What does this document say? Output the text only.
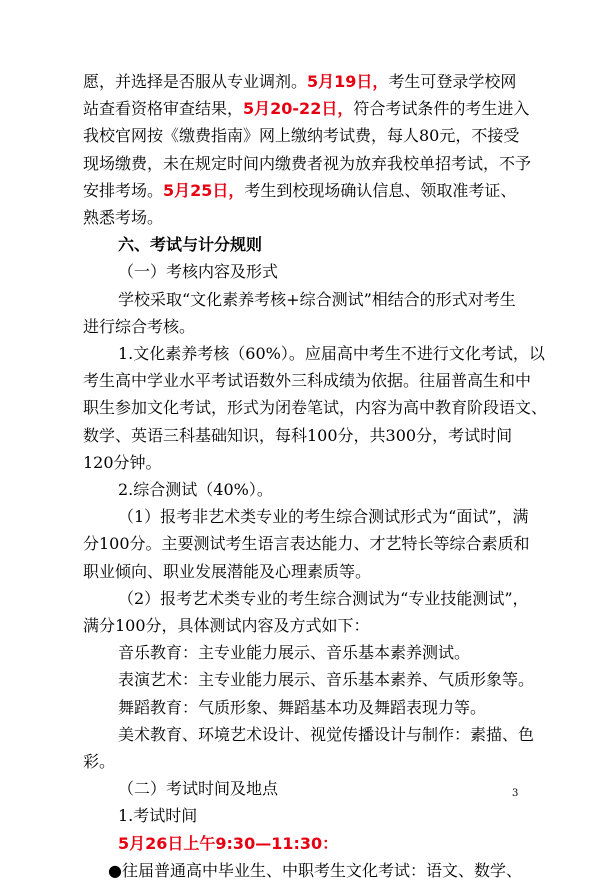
愿，并选择是否服从专业调剂。5月19日，考生可登录学校网
站查看资格审查结果，5月20-22日，符合考试条件的考生进入
我校官网按《缴费指南》网上缴纳考试费，每人80元，不接受
现场缴费，未在规定时间内缴费者视为放弃我校单招考试，不予
安排考场。5月25日，考生到校现场确认信息、领取准考证、
熟悉考场。
六、考试与计分规则
（一）考核内容及形式
学校采取“文化素养考核+综合测试”相结合的形式对考生
进行综合考核。
1.文化素养考核（60%）。应届高中考生不进行文化考试，以
考生高中学业水平考试语数外三科成绩为依据。往届普高生和中
职生参加文化考试，形式为闭卷笔试，内容为高中教育阶段语文、
数学、英语三科基础知识，每科100分，共300分，考试时间
120分钟。
2.综合测试（40%）。
（1）报考非艺术类专业的考生综合测试形式为“面试”，满
分100分。主要测试考生语言表达能力、才艺特长等综合素质和
职业倾向、职业发展潜能及心理素质等。
（2）报考艺术类专业的考生综合测试为“专业技能测试”，
满分100分，具体测试内容及方式如下：
音乐教育：主专业能力展示、音乐基本素养测试。
表演艺术：主专业能力展示、音乐基本素养、气质形象等。
舞蹈教育：气质形象、舞蹈基本功及舞蹈表现力等。
美术教育、环境艺术设计、视觉传播设计与制作：素描、色
3
彩。
（二）考试时间及地点
1.考试时间
5月26日上午9:30—11:30：
●往届普通高中毕业生、中职考生文化考试：语文、数学、
